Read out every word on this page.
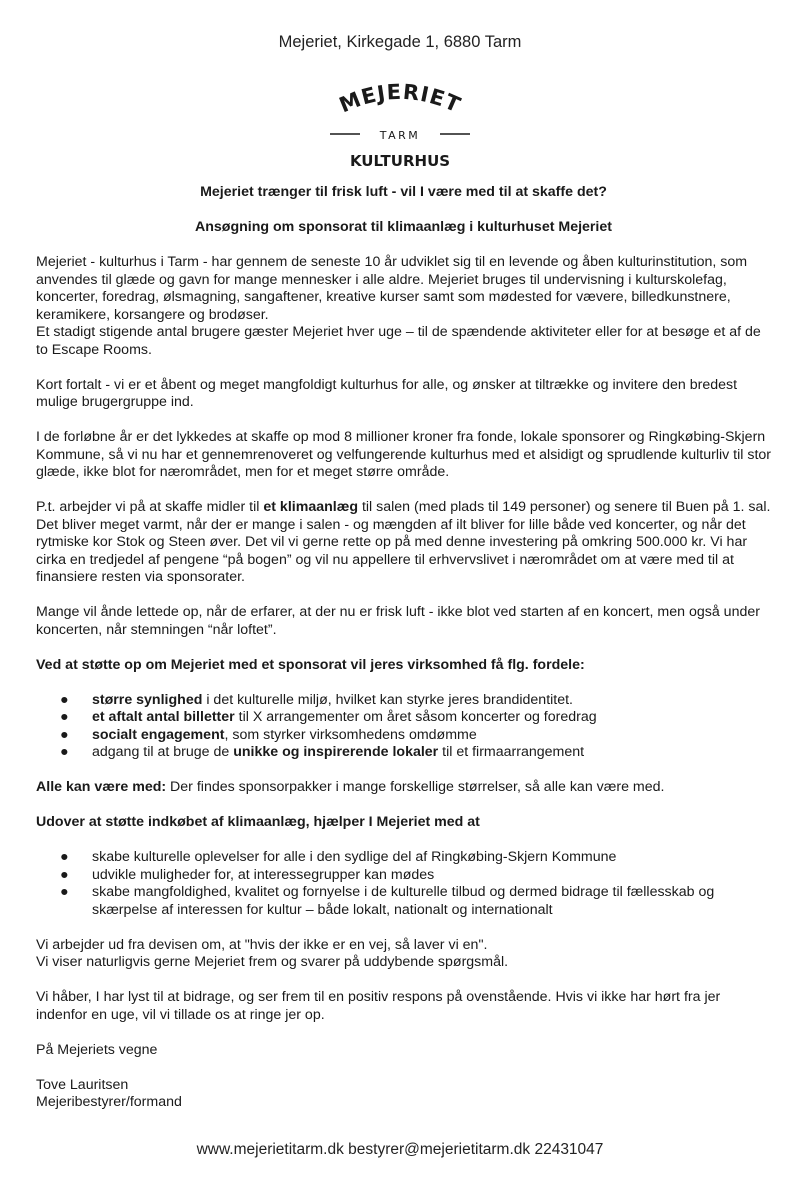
Mejeriet, Kirkegade 1, 6880 Tarm
MEJERIET
TARM
KULTURHUS

Mejeriet trænger til frisk luft - vil I være med til at skaffe det?

Ansøgning om sponsorat til klimaanlæg i kulturhuset Mejeriet

Mejeriet - kulturhus i Tarm - har gennem de seneste 10 år udviklet sig til en levende og åben kulturinstitution, som anvendes til glæde og gavn for mange mennesker i alle aldre. Mejeriet bruges til undervisning i kulturskolefag, koncerter, foredrag, ølsmagning, sangaftener, kreative kurser samt som mødested for vævere, billedkunstnere, keramikere, korsangere og brodøser.

Et stadigt stigende antal brugere gæster Mejeriet hver uge – til de spændende aktiviteter eller for at besøge et af de to Escape Rooms.

Kort fortalt - vi er et åbent og meget mangfoldigt kulturhus for alle, og ønsker at tiltrække og invitere den bredest mulige brugergruppe ind.

I de forløbne år er det lykkedes at skaffe op mod 8 millioner kroner fra fonde, lokale sponsorer og Ringkøbing-Skjern Kommune, så vi nu har et gennemrenoveret og velfungerende kulturhus med et alsidigt og sprudlende kulturliv til stor glæde, ikke blot for nærområdet, men for et meget større område.

P.t. arbejder vi på at skaffe midler til et klimaanlæg til salen (med plads til 149 personer) og senere til Buen på 1. sal. Det bliver meget varmt, når der er mange i salen - og mængden af ilt bliver for lille både ved koncerter, og når det rytmiske kor Stok og Steen øver. Det vil vi gerne rette op på med denne investering på omkring 500.000 kr. Vi har cirka en tredjedel af pengene “på bogen” og vil nu appellere til erhvervslivet i nærområdet om at være med til at finansiere resten via sponsorater.

Mange vil ånde lettede op, når de erfarer, at der nu er frisk luft - ikke blot ved starten af en koncert, men også under koncerten, når stemningen “når loftet”.

Ved at støtte op om Mejeriet med et sponsorat vil jeres virksomhed få flg. fordele:

● større synlighed i det kulturelle miljø, hvilket kan styrke jeres brandidentitet.
● et aftalt antal billetter til X arrangementer om året såsom koncerter og foredrag
● socialt engagement, som styrker virksomhedens omdømme
● adgang til at bruge de unikke og inspirerende lokaler til et firmaarrangement

Alle kan være med: Der findes sponsorpakker i mange forskellige størrelser, så alle kan være med.

Udover at støtte indkøbet af klimaanlæg, hjælper I Mejeriet med at

● skabe kulturelle oplevelser for alle i den sydlige del af Ringkøbing-Skjern Kommune
● udvikle muligheder for, at interessegrupper kan mødes
● skabe mangfoldighed, kvalitet og fornyelse i de kulturelle tilbud og dermed bidrage til fællesskab og skærpelse af interessen for kultur – både lokalt, nationalt og internationalt

Vi arbejder ud fra devisen om, at "hvis der ikke er en vej, så laver vi en".

Vi viser naturligvis gerne Mejeriet frem og svarer på uddybende spørgsmål.

Vi håber, I har lyst til at bidrage, og ser frem til en positiv respons på ovenstående. Hvis vi ikke har hørt fra jer indenfor en uge, vil vi tillade os at ringe jer op.

På Mejeriets vegne

Tove Lauritsen

Mejeribestyrer/formand

www.mejerietitarm.dk bestyrer@mejerietitarm.dk 22431047
